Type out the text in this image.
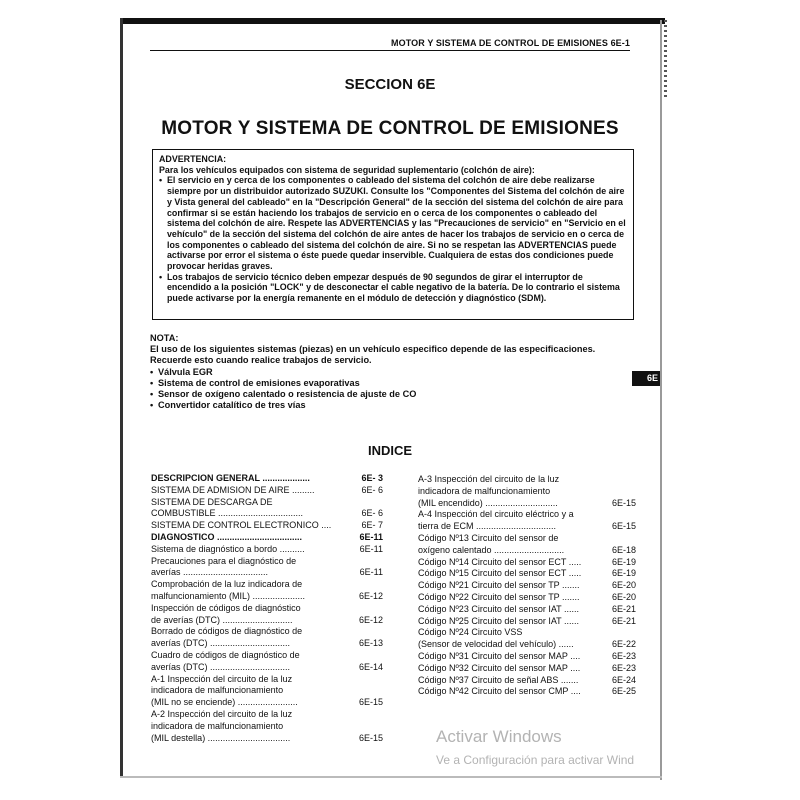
MOTOR Y SISTEMA DE CONTROL DE EMISIONES 6E-1
SECCION 6E
MOTOR Y SISTEMA DE CONTROL DE EMISIONES

ADVERTENCIA:

Para los vehículos equipados con sistema de seguridad suplementario (colchón de aire):

• El servicio en y cerca de los componentes o cableado del sistema del colchón de aire debe realizarse siempre por un distribuidor autorizado SUZUKI. Consulte los "Componentes del Sistema del colchón de aire y Vista general del cableado" en la "Descripción General" de la sección del sistema del colchón de aire para confirmar si se están haciendo los trabajos de servicio en o cerca de los componentes o cableado del sistema del colchón de aire. Respete las ADVERTENCIAS y las "Precauciones de servicio" en "Servicio en el vehículo" de la sección del sistema del colchón de aire antes de hacer los trabajos de servicio en o cerca de los componentes o cableado del sistema del colchón de aire. Si no se respetan las ADVERTENCIAS puede activarse por error el sistema o éste puede quedar inservible. Cualquiera de estas dos condiciones puede provocar heridas graves.
• Los trabajos de servicio técnico deben empezar después de 90 segundos de girar el interruptor de encendido a la posición "LOCK" y de desconectar el cable negativo de la batería. De lo contrario el sistema puede activarse por la energía remanente en el módulo de detección y diagnóstico (SDM).

NOTA:

El uso de los siguientes sistemas (piezas) en un vehículo especifico depende de las especificaciones. Recuerde esto cuando realice trabajos de servicio.

• Válvula EGR
• Sistema de control de emisiones evaporativas
• Sensor de oxígeno calentado o resistencia de ajuste de CO
• Convertidor catalítico de tres vías
6E
INDICE
DESCRIPCION GENERAL ...................	6E- 3
SISTEMA DE ADMISION DE AIRE .........	6E- 6
SISTEMA DE DESCARGA DE
COMBUSTIBLE ..................................	6E- 6
SISTEMA DE CONTROL ELECTRONICO ....	6E- 7
DIAGNOSTICO ..................................	6E-11
Sistema de diagnóstico a bordo ..........	6E-11
Precauciones para el diagnóstico de
averías ..................................	6E-11
Comprobación de la luz indicadora de
malfuncionamiento (MIL) .....................	6E-12
Inspección de códigos de diagnóstico
de averías (DTC) ............................	6E-12
Borrado de códigos de diagnóstico de
averías (DTC) ................................	6E-13
Cuadro de códigos de diagnóstico de
averías (DTC) ................................	6E-14
A-1 Inspección del circuito de la luz
indicadora de malfuncionamiento
(MIL no se enciende) ........................	6E-15
A-2 Inspección del circuito de la luz
indicadora de malfuncionamiento
(MIL destella) .................................	6E-15
A-3 Inspección del circuito de la luz
indicadora de malfuncionamiento
(MIL encendido) .............................	6E-15
A-4 Inspección del circuito eléctrico y a
tierra de ECM ................................	6E-15
Código Nº13 Circuito del sensor de
oxígeno calentado ............................	6E-18
Código Nº14 Circuito del sensor ECT .....	6E-19
Código Nº15 Circuito del sensor ECT .....	6E-19
Código Nº21 Circuito del sensor TP .......	6E-20
Código Nº22 Circuito del sensor TP .......	6E-20
Código Nº23 Circuito del sensor IAT ......	6E-21
Código Nº25 Circuito del sensor IAT ......	6E-21
Código Nº24 Circuito VSS
(Sensor de velocidad del vehículo) ......	6E-22
Código Nº31 Circuito del sensor MAP ....	6E-23
Código Nº32 Circuito del sensor MAP ....	6E-23
Código Nº37 Circuito de señal ABS .......	6E-24
Código Nº42 Circuito del sensor CMP ....	6E-25
Activar Windows
Ve a Configuración para activar Wind
